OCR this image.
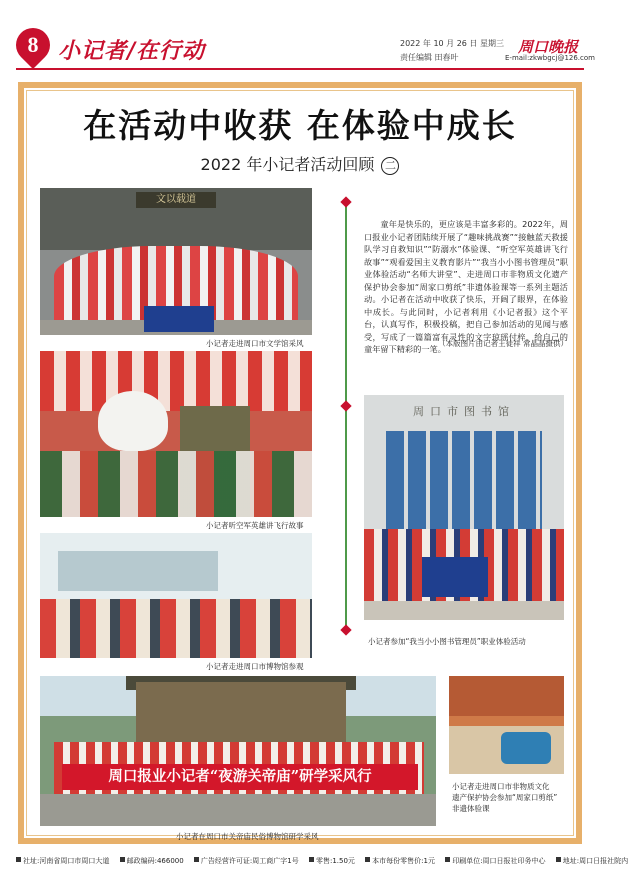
8 小记者/在行动	2022 年 10 月 26 日 星期三
责任编辑 田春叶
周口晚报
E-mail:zkwbgcj@126.com
在活动中收获 在体验中成长
2022 年小记者活动回顾 二
文以载道
小记者走进周口市文学馆采风
小记者听空军英雄讲飞行故事
小记者走进周口市博物馆参观
童年是快乐的，更应该是丰富多彩的。2022年，周口报业小记者团陆续开展了“趣味挑战赛”“接触蓝天救援队学习自救知识”“防溺水”体验课、“听空军英雄讲飞行故事”“观看爱国主义教育影片”“我当小小图书管理员”职业体验活动“名师大讲堂”、走进周口市非物质文化遗产保护协会参加“周家口剪纸”非遗体验课等一系列主题活动。小记者在活动中收获了快乐，开阔了眼界，在体验中成长。与此同时，小记者利用《小记者报》这个平台，认真写作，积极投稿，把自己参加活动的见闻与感受，写成了一篇篇富有灵性的文字琼瑶付梓，给自己的童年留下精彩的一笔。
（本版图片由记者王徒祥 常晶晶摄供）
周口市图书馆
小记者参加“我当小小图书管理员”职业体验活动
周口报业小记者“夜游关帝庙”研学采风行
小记者在周口市关帝庙民俗博物馆研学采风
小记者走进周口市非物质文化
遗产保护协会参加“周家口剪纸”
非遗体验课
社址:河南省周口市周口大道 邮政编码:466000 广告经营许可证:周工商广字1号 零售:1.50元 本市每份零售价:1元 印刷单位:周口日报社印务中心 地址:周口日报社院内
